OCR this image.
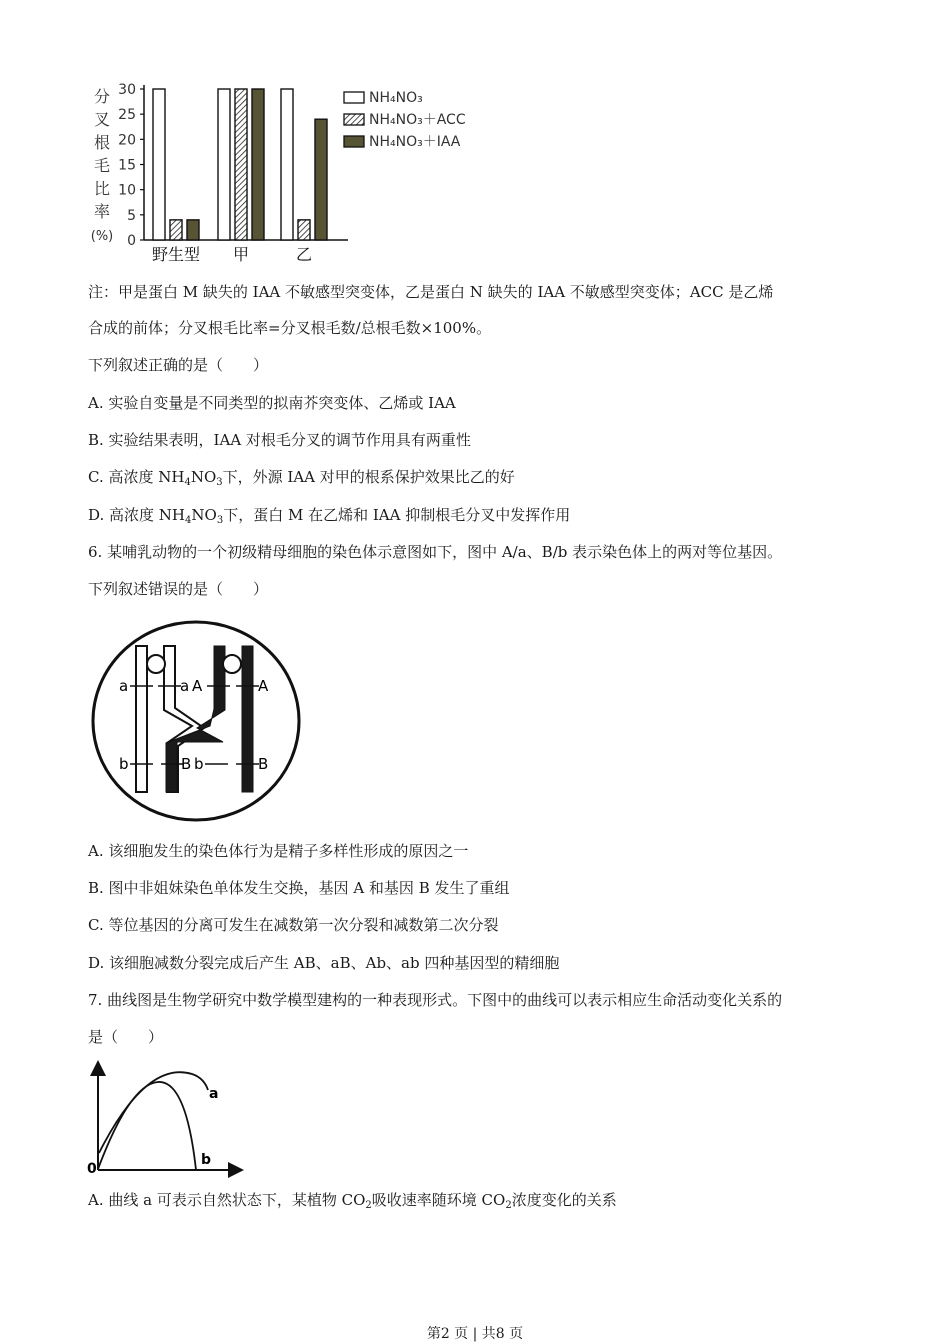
分
叉
根
毛
比
率
(%) 0
5
10
15
20
25
30
野生型 甲	乙
NH₄NO₃
NH₄NO₃＋ACC
NH₄NO₃＋IAA
注：甲是蛋白 M 缺失的 IAA 不敏感型突变体，乙是蛋白 N 缺失的 IAA 不敏感型突变体；ACC 是乙烯
合成的前体；分叉根毛比率=分叉根毛数/总根毛数×100%。
下列叙述正确的是（　　）
A. 实验自变量是不同类型的拟南芥突变体、乙烯或 IAA
B. 实验结果表明，IAA 对根毛分叉的调节作用具有两重性
C. 高浓度 $NH_4NO_3$下，外源 IAA 对甲的根系保护效果比乙的好
D. 高浓度 $NH_4NO_3$下，蛋白 M 在乙烯和 IAA 抑制根毛分叉中发挥作用
6. 某哺乳动物的一个初级精母细胞的染色体示意图如下，图中 A/a、B/b 表示染色体上的两对等位基因。
下列叙述错误的是（　　）
a	a A	A
b	B b	B
A. 该细胞发生的染色体行为是精子多样性形成的原因之一
B. 图中非姐妹染色单体发生交换，基因 A 和基因 B 发生了重组
C. 等位基因的分离可发生在减数第一次分裂和减数第二次分裂
D. 该细胞减数分裂完成后产生 AB、aB、Ab、ab 四种基因型的精细胞
7. 曲线图是生物学研究中数学模型建构的一种表现形式。下图中的曲线可以表示相应生命活动变化关系的
是（　　）
0
a
b
A. 曲线 a 可表示自然状态下，某植物 $CO_2$吸收速率随环境 $CO_2$浓度变化的关系
第2 页 | 共8 页
